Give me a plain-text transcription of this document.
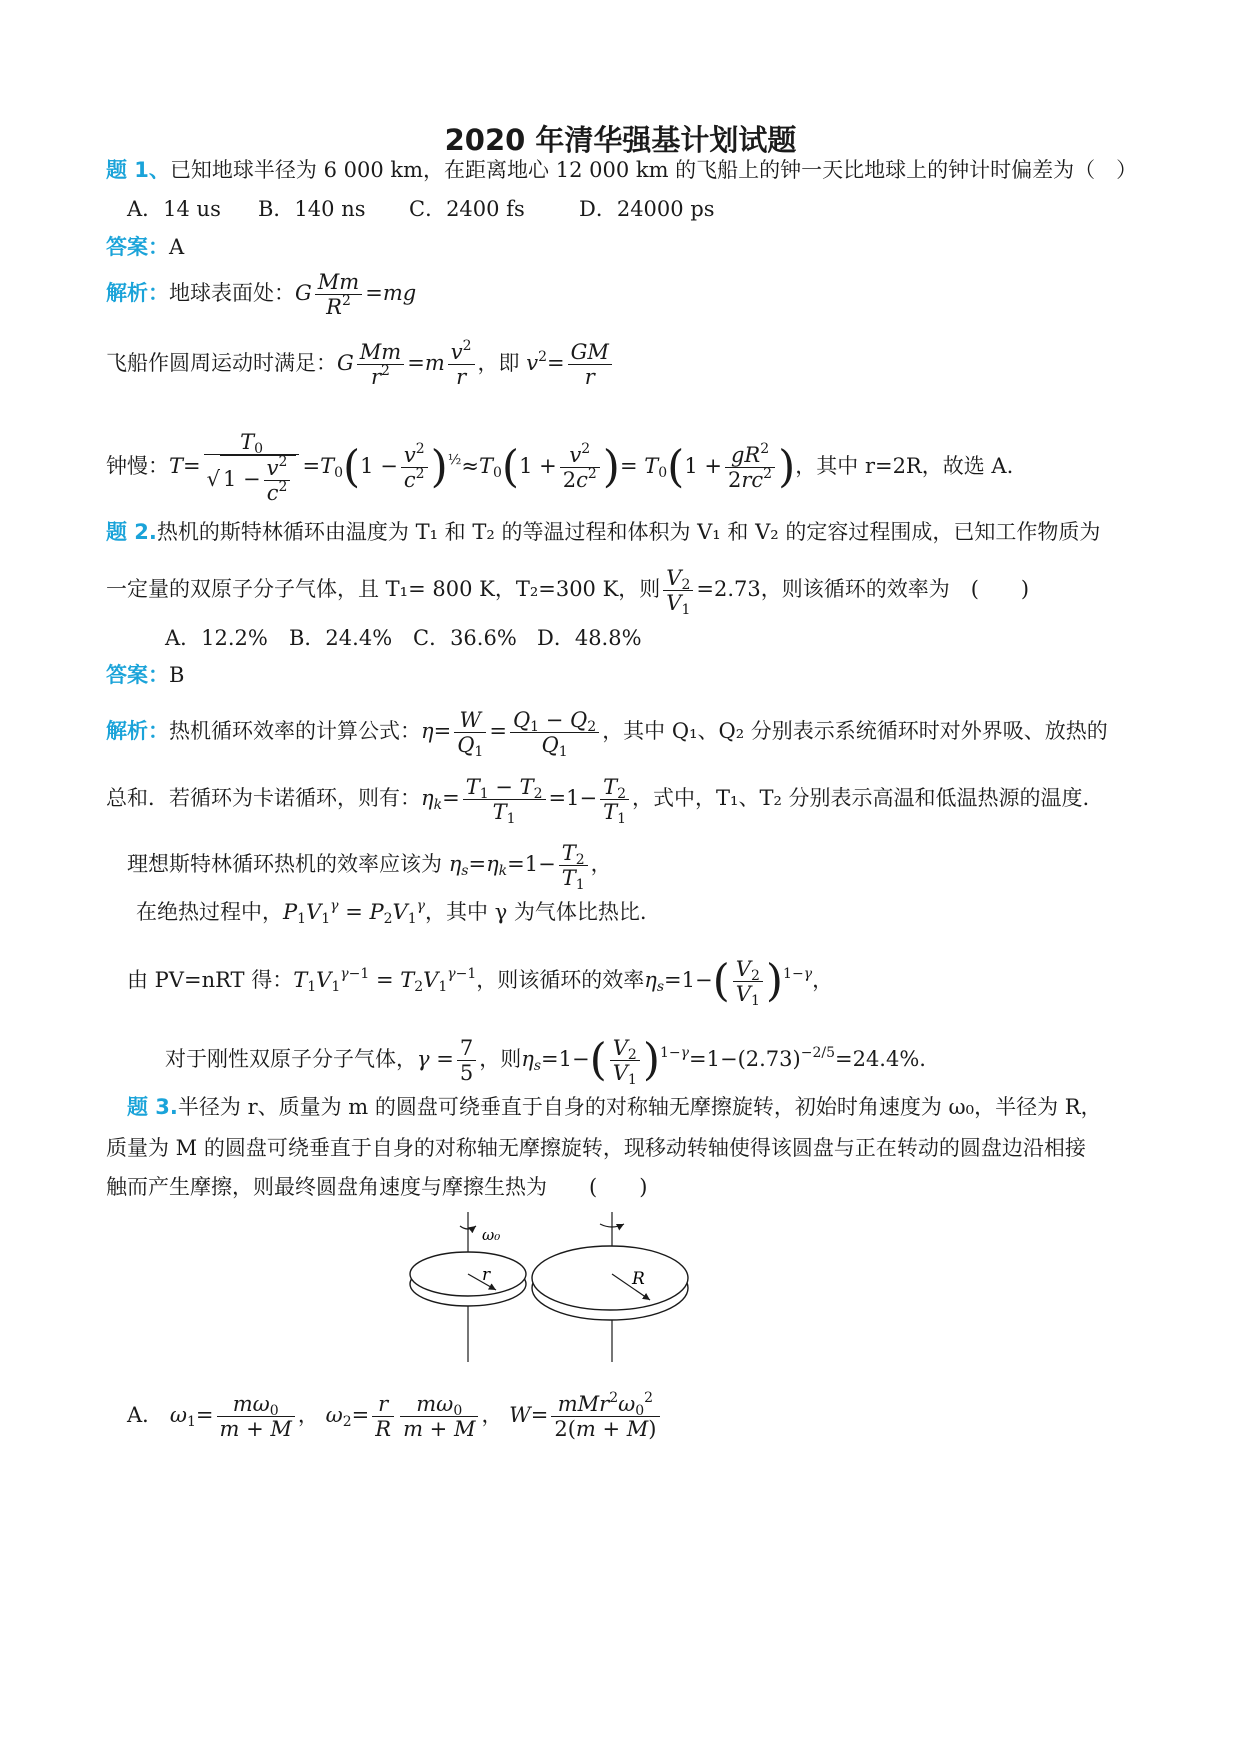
2020 年清华强基计划试题
题 1、已知地球半径为 6 000 km，在距离地心 12 000 km 的飞船上的钟一天比地球上的钟计时偏差为（　）
A．14 us B．140 ns C．2400 fs	D．24000 ps
答案：A
解析：地球表面处：G $\frac{Mm}{R^2} =mg$
飞船作圆周运动时满足：G $\frac{Mm}{r^2} =m \frac{v^2}{r}$ ，即 $v^2= \frac{GM}{r}$
钟慢：$T= \frac{T_0}{√ 1 - \frac{v^2}{c^2}} =T_0(1 - \frac{v^2}{c^2} )^{\frac{1}{2}}\approx T_0(1 + \frac{v^2}{2c^2}$ )= $T_0(1 + \frac{gR^2}{2rc^2}$ )，其中 r=2R，故选 A.
题 2.热机的斯特林循环由温度为 T₁ 和 T₂ 的等温过程和体积为 V₁ 和 V₂ 的定容过程围成，已知工作物质为
一定量的双原子分子气体，且 T₁= 800 K，T₂=300 K，则 $\frac{V_2}{V_1} =2.73$，则该循环的效率为　(　　)
A．12.2% B．24.4% C．36.6% D．48.8%
答案：B
解析：热机循环效率的计算公式：$\eta= \frac{W}{Q_1} = \frac{Q_1 - Q_2}{Q_1}$ ，其中 Q₁、Q₂ 分别表示系统循环时对外界吸、放热的
总和．若循环为卡诺循环，则有：$\eta_k= \frac{T_1 - T_2}{T_1} =1- \frac{T_2}{T_1}$ ，式中，T₁、T₂ 分别表示高温和低温热源的温度.
理想斯特林循环热机的效率应该为 $\eta_s=\eta_k=1- \frac{T_2}{T_1}$ ，
在绝热过程中，$P_1V_1^\gamma = P_2V_1^\gamma$，其中 γ 为气体比热比.
由 PV=nRT 得：$T_1V_1^{\gamma-1} = T_2V_1^{\gamma-1}$，则该循环的效率$\eta_s=1-( \frac{V_2}{V_1} )^{1-\gamma}$，
对于刚性双原子分子气体，$\gamma = \frac{7}{5}$ ，则$\eta_s=1-( \frac{V_2}{V_1} )^{1-\gamma}=1-(2.73)^{-2/5}=24.4\%$.
题 3.半径为 r、质量为 m 的圆盘可绕垂直于自身的对称轴无摩擦旋转，初始时角速度为 ω₀，半径为 R，
质量为 M 的圆盘可绕垂直于自身的对称轴无摩擦旋转，现移动转轴使得该圆盘与正在转动的圆盘边沿相接
触而产生摩擦，则最终圆盘角速度与摩擦生热为　　(　　)
ω₀
r	R
A． $\omega_1= \frac{m\omega_0}{m + M}$ ， $\omega_2= \frac{r}{R} \frac{m\omega_0}{m + M}$ ， $W= \frac{mMr^2\omega_0^2}{2(m + M)}$
